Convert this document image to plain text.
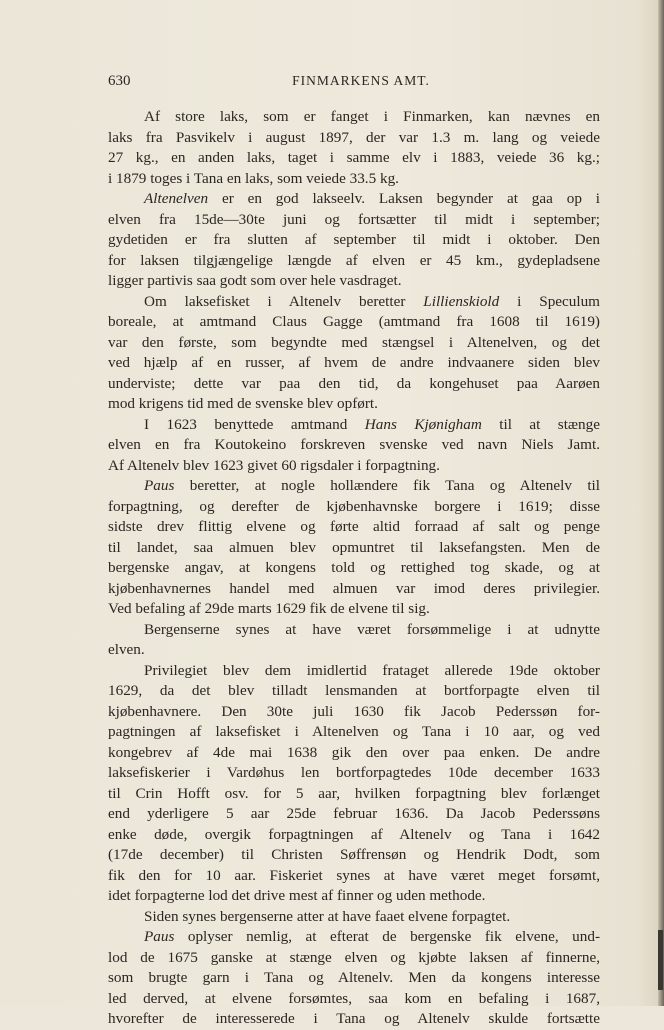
630	FINMARKENS AMT.
Af store laks, som er fanget i Finmarken, kan nævnes en
laks fra Pasvikelv i august 1897, der var 1.3 m. lang og veiede
27 kg., en anden laks, taget i samme elv i 1883, veiede 36 kg.;
i 1879 toges i Tana en laks, som veiede 33.5 kg.
Altenelven er en god lakseelv. Laksen begynder at gaa op i
elven fra 15de—30te juni og fortsætter til midt i september;
gydetiden er fra slutten af september til midt i oktober. Den
for laksen tilgjængelige længde af elven er 45 km., gydepladsene
ligger partivis saa godt som over hele vasdraget.
Om laksefisket i Altenelv beretter Lillienskiold i Speculum
boreale, at amtmand Claus Gagge (amtmand fra 1608 til 1619)
var den første, som begyndte med stængsel i Altenelven, og det
ved hjælp af en russer, af hvem de andre indvaanere siden blev
underviste; dette var paa den tid, da kongehuset paa Aarøen
mod krigens tid med de svenske blev opført.
I 1623 benyttede amtmand Hans Kjønigham til at stænge
elven en fra Koutokeino forskreven svenske ved navn Niels Jamt.
Af Altenelv blev 1623 givet 60 rigsdaler i forpagtning.
Paus beretter, at nogle hollændere fik Tana og Altenelv til
forpagtning, og derefter de kjøbenhavnske borgere i 1619; disse
sidste drev flittig elvene og førte altid forraad af salt og penge
til landet, saa almuen blev opmuntret til laksefangsten. Men de
bergenske angav, at kongens told og rettighed tog skade, og at
kjøbenhavnernes handel med almuen var imod deres privilegier.
Ved befaling af 29de marts 1629 fik de elvene til sig.
Bergenserne synes at have været forsømmelige i at udnytte
elven.
Privilegiet blev dem imidlertid frataget allerede 19de oktober
1629, da det blev tilladt lensmanden at bortforpagte elven til
kjøbenhavnere. Den 30te juli 1630 fik Jacob Pederssøn for-
pagtningen af laksefisket i Altenelven og Tana i 10 aar, og ved
kongebrev af 4de mai 1638 gik den over paa enken. De andre
laksefiskerier i Vardøhus len bortforpagtedes 10de december 1633
til Crin Hofft osv. for 5 aar, hvilken forpagtning blev forlænget
end yderligere 5 aar 25de februar 1636. Da Jacob Pederssøns
enke døde, overgik forpagtningen af Altenelv og Tana i 1642
(17de december) til Christen Søffrensøn og Hendrik Dodt, som
fik den for 10 aar. Fiskeriet synes at have været meget forsømt,
idet forpagterne lod det drive mest af finner og uden methode.
Siden synes bergenserne atter at have faaet elvene forpagtet.
Paus oplyser nemlig, at efterat de bergenske fik elvene, und-
lod de 1675 ganske at stænge elven og kjøbte laksen af finnerne,
som brugte garn i Tana og Altenelv. Men da kongens interesse
led derved, at elvene forsømtes, saa kom en befaling i 1687,
hvorefter de interesserede i Tana og Altenelv skulde fortsætte
